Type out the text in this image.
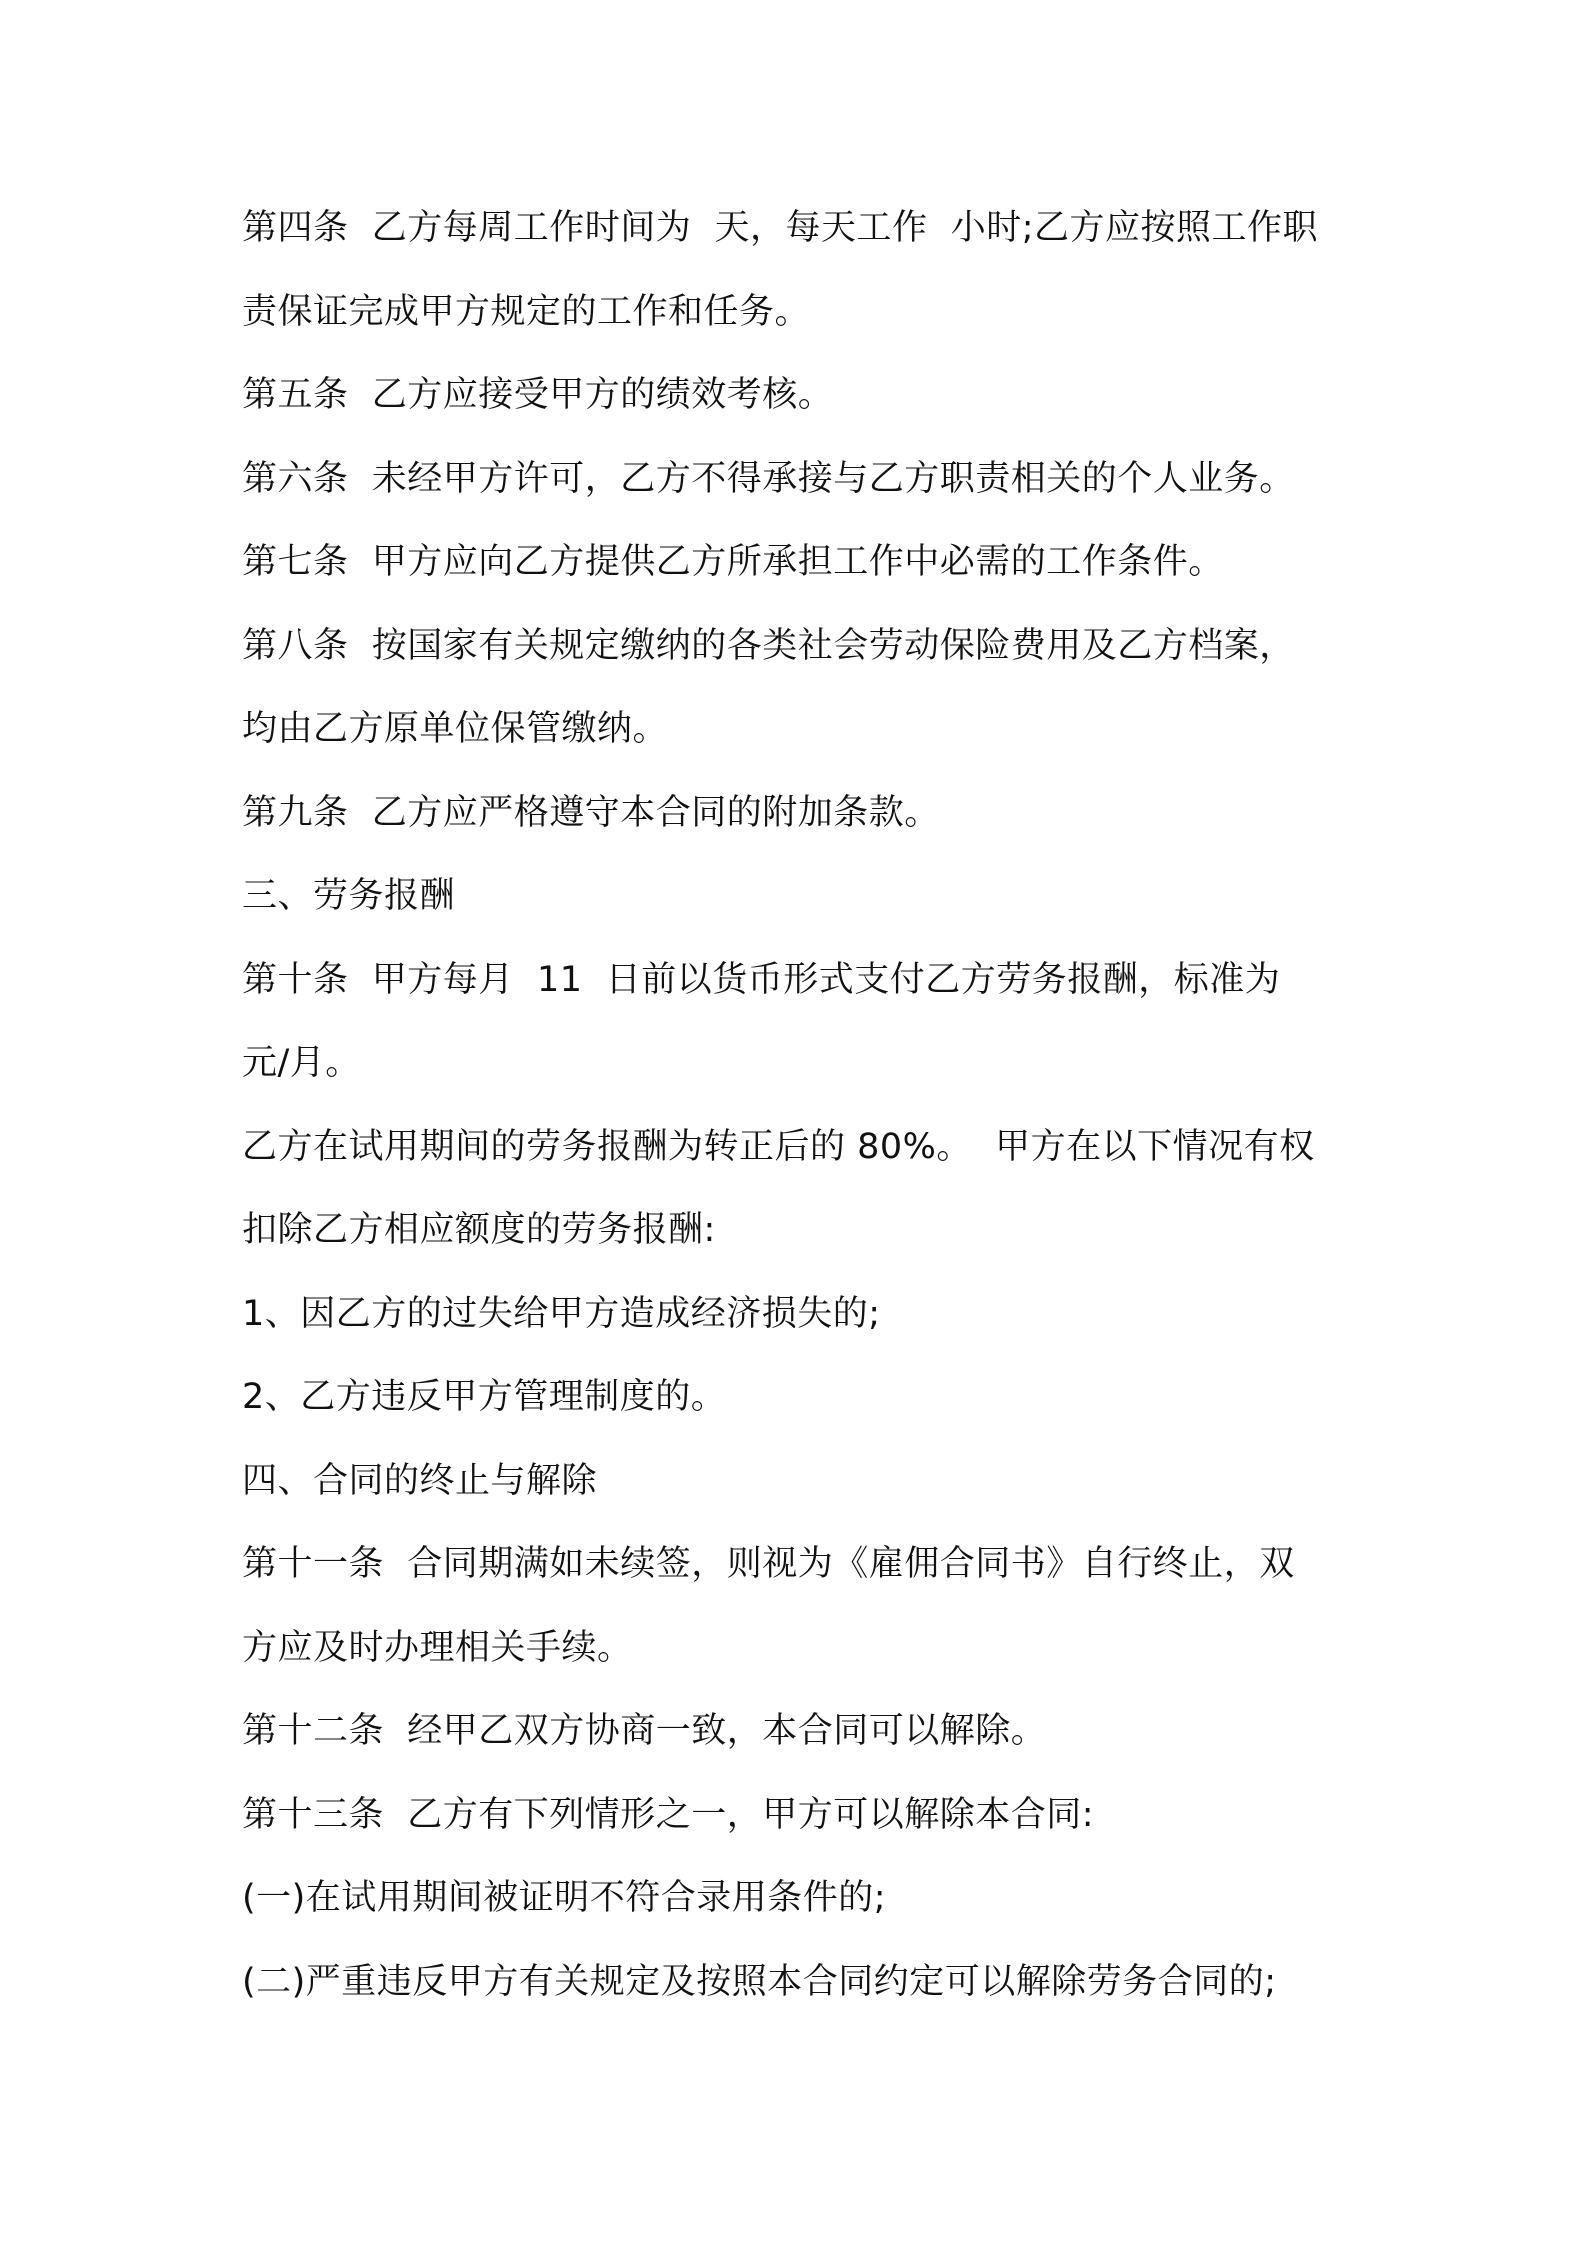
第四条  乙方每周工作时间为  天，每天工作  小时;乙方应按照工作职

责保证完成甲方规定的工作和任务。

第五条  乙方应接受甲方的绩效考核。

第六条  未经甲方许可，乙方不得承接与乙方职责相关的个人业务。

第七条  甲方应向乙方提供乙方所承担工作中必需的工作条件。

第八条  按国家有关规定缴纳的各类社会劳动保险费用及乙方档案，

均由乙方原单位保管缴纳。

第九条  乙方应严格遵守本合同的附加条款。

三、劳务报酬

第十条  甲方每月  11  日前以货币形式支付乙方劳务报酬，标准为

元/月。

乙方在试用期间的劳务报酬为转正后的 80%。  甲方在以下情况有权

扣除乙方相应额度的劳务报酬:

1、因乙方的过失给甲方造成经济损失的;

2、乙方违反甲方管理制度的。

四、合同的终止与解除

第十一条  合同期满如未续签，则视为《雇佣合同书》自行终止，双

方应及时办理相关手续。

第十二条  经甲乙双方协商一致，本合同可以解除。

第十三条  乙方有下列情形之一，甲方可以解除本合同:

(一)在试用期间被证明不符合录用条件的;

(二)严重违反甲方有关规定及按照本合同约定可以解除劳务合同的;
